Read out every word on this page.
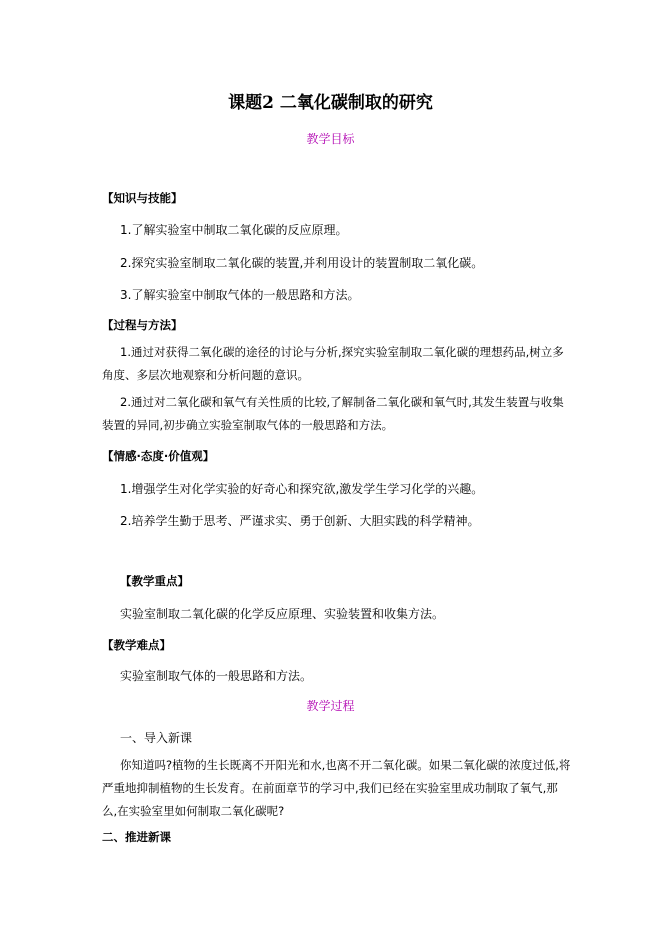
课题2 二氧化碳制取的研究
教学目标
【知识与技能】
1.了解实验室中制取二氧化碳的反应原理。
2.探究实验室制取二氧化碳的装置,并利用设计的装置制取二氧化碳。
3.了解实验室中制取气体的一般思路和方法。
【过程与方法】
1.通过对获得二氧化碳的途径的讨论与分析,探究实验室制取二氧化碳的理想药品,树立多角度、多层次地观察和分析问题的意识。
2.通过对二氧化碳和氧气有关性质的比较,了解制备二氧化碳和氧气时,其发生装置与收集装置的异同,初步确立实验室制取气体的一般思路和方法。
【情感·态度·价值观】
1.增强学生对化学实验的好奇心和探究欲,激发学生学习化学的兴趣。
2.培养学生勤于思考、严谨求实、勇于创新、大胆实践的科学精神。
【教学重点】
实验室制取二氧化碳的化学反应原理、实验装置和收集方法。
【教学难点】
实验室制取气体的一般思路和方法。
教学过程
一、导入新课
你知道吗?植物的生长既离不开阳光和水,也离不开二氧化碳。如果二氧化碳的浓度过低,将严重地抑制植物的生长发育。在前面章节的学习中,我们已经在实验室里成功制取了氧气,那么,在实验室里如何制取二氧化碳呢?
二、推进新课
